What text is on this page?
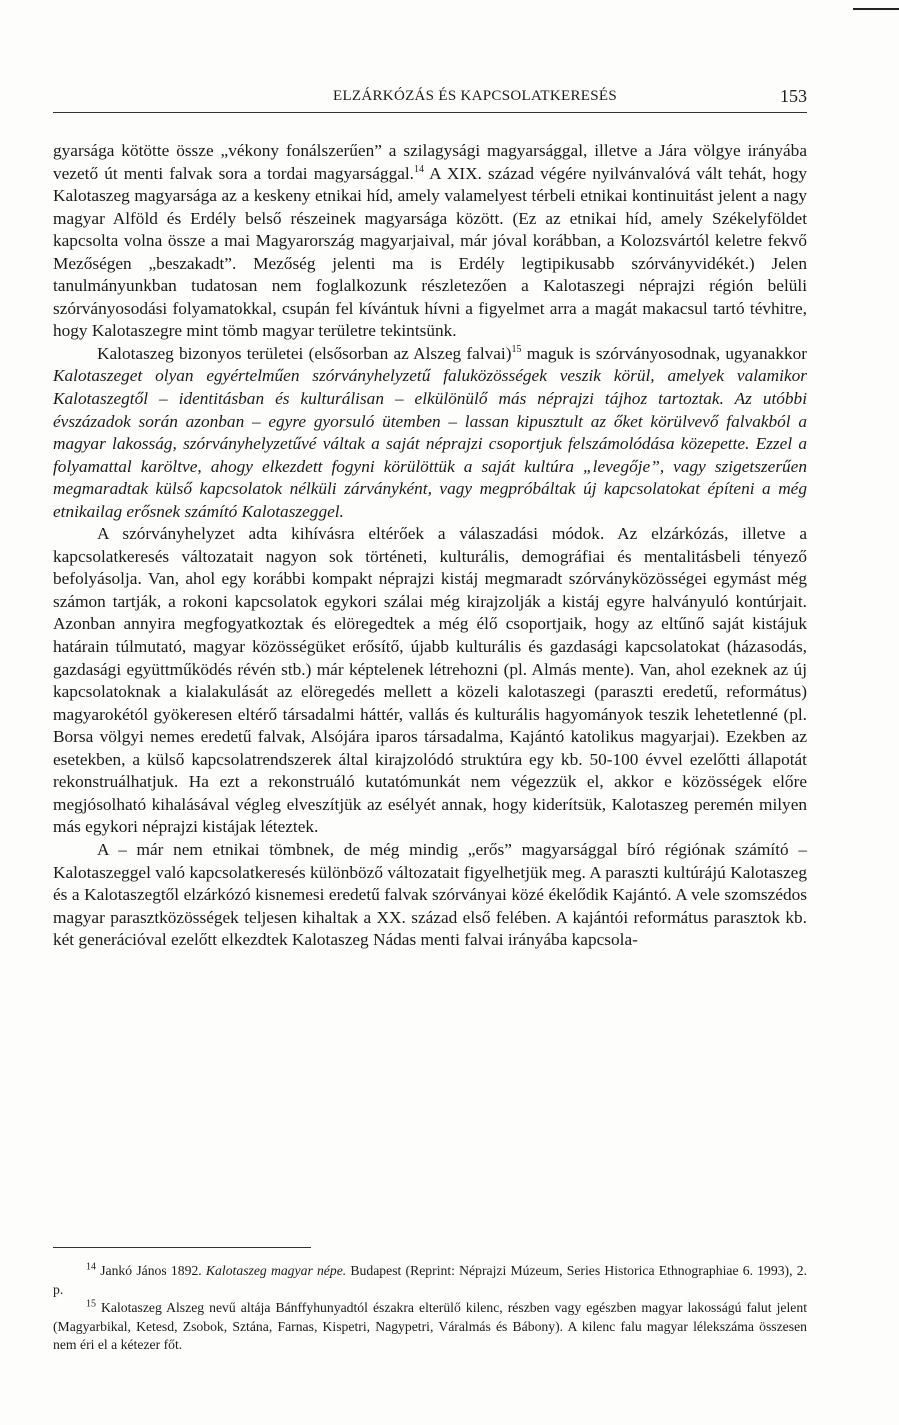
ELZÁRKÓZÁS ÉS KAPCSOLATKERESÉS	153

gyarsága kötötte össze „vékony fonálszerűen” a szilagysági magyarsággal, illetve a Jára völgye irányába vezető út menti falvak sora a tordai magyarsággal.$^{14}$ A XIX. század végére nyilvánvalóvá vált tehát, hogy Kalotaszeg magyarsága az a keskeny etnikai híd, amely valamelyest térbeli etnikai kontinuitást jelent a nagy magyar Alföld és Erdély belső részeinek magyarsága között. (Ez az etnikai híd, amely Székelyföldet kapcsolta volna össze a mai Magyarország magyarjaival, már jóval korábban, a Kolozsvártól keletre fekvő Mezőségen „beszakadt”. Mezőség jelenti ma is Erdély legtipikusabb szórványvidékét.) Jelen tanulmányunkban tudatosan nem foglalkozunk részletezően a Kalotaszegi néprajzi régión belüli szórványosodási folyamatokkal, csupán fel kívántuk hívni a figyelmet arra a magát makacsul tartó tévhitre, hogy Kalotaszegre mint tömb magyar területre tekintsünk.

Kalotaszeg bizonyos területei (elsősorban az Alszeg falvai)$^{15}$ maguk is szórványosodnak, ugyanakkor Kalotaszeget olyan egyértelműen szórványhelyzetű faluközösségek veszik körül, amelyek valamikor Kalotaszegtől – identitásban és kulturálisan – elkülönülő más néprajzi tájhoz tartoztak. Az utóbbi évszázadok során azonban – egyre gyorsuló ütemben – lassan kipusztult az őket körülvevő falvakból a magyar lakosság, szórványhelyzetűvé váltak a saját néprajzi csoportjuk felszámolódása közepette. Ezzel a folyamattal karöltve, ahogy elkezdett fogyni körülöttük a saját kultúra „levegője”, vagy szigetszerűen megmaradtak külső kapcsolatok nélküli zárványként, vagy megpróbáltak új kapcsolatokat építeni a még etnikailag erősnek számító Kalotaszeggel.

A szórványhelyzet adta kihívásra eltérőek a válaszadási módok. Az elzárkózás, illetve a kapcsolatkeresés változatait nagyon sok történeti, kulturális, demográfiai és mentalitásbeli tényező befolyásolja. Van, ahol egy korábbi kompakt néprajzi kistáj megmaradt szórványközösségei egymást még számon tartják, a rokoni kapcsolatok egykori szálai még kirajzolják a kistáj egyre halványuló kontúrjait. Azonban annyira megfogyatkoztak és elöregedtek a még élő csoportjaik, hogy az eltűnő saját kistájuk határain túlmutató, magyar közösségüket erősítő, újabb kulturális és gazdasági kapcsolatokat (házasodás, gazdasági együttműködés révén stb.) már képtelenek létrehozni (pl. Almás mente). Van, ahol ezeknek az új kapcsolatoknak a kialakulását az elöregedés mellett a közeli kalotaszegi (paraszti eredetű, református) magyarokétól gyökeresen eltérő társadalmi háttér, vallás és kulturális hagyományok teszik lehetetlenné (pl. Borsa völgyi nemes eredetű falvak, Alsójára iparos társadalma, Kajántó katolikus magyarjai). Ezekben az esetekben, a külső kapcsolatrendszerek által kirajzolódó struktúra egy kb. 50-100 évvel ezelőtti állapotát rekonstruálhatjuk. Ha ezt a rekonstruáló kutatómunkát nem végezzük el, akkor e közösségek előre megjósolható kihalásával végleg elveszítjük az esélyét annak, hogy kiderítsük, Kalotaszeg peremén milyen más egykori néprajzi kistájak léteztek.

A – már nem etnikai tömbnek, de még mindig „erős” magyarsággal bíró régiónak számító – Kalotaszeggel való kapcsolatkeresés különböző változatait figyelhetjük meg. A paraszti kultúrájú Kalotaszeg és a Kalotaszegtől elzárkózó kisnemesi eredetű falvak szórványai közé ékelődik Kajántó. A vele szomszédos magyar parasztközösségek teljesen kihaltak a XX. század első felében. A kajántói református parasztok kb. két generációval ezelőtt elkezdtek Kalotaszeg Nádas menti falvai irányába kapcsola-

$^{14}$ Jankó János 1892. Kalotaszeg magyar népe. Budapest (Reprint: Néprajzi Múzeum, Series Historica Ethnographiae 6. 1993), 2. p.

$^{15}$ Kalotaszeg Alszeg nevű altája Bánffyhunyadtól északra elterülő kilenc, részben vagy egészben magyar lakosságú falut jelent (Magyarbikal, Ketesd, Zsobok, Sztána, Farnas, Kispetri, Nagypetri, Váralmás és Bábony). A kilenc falu magyar lélekszáma összesen nem éri el a kétezer főt.
